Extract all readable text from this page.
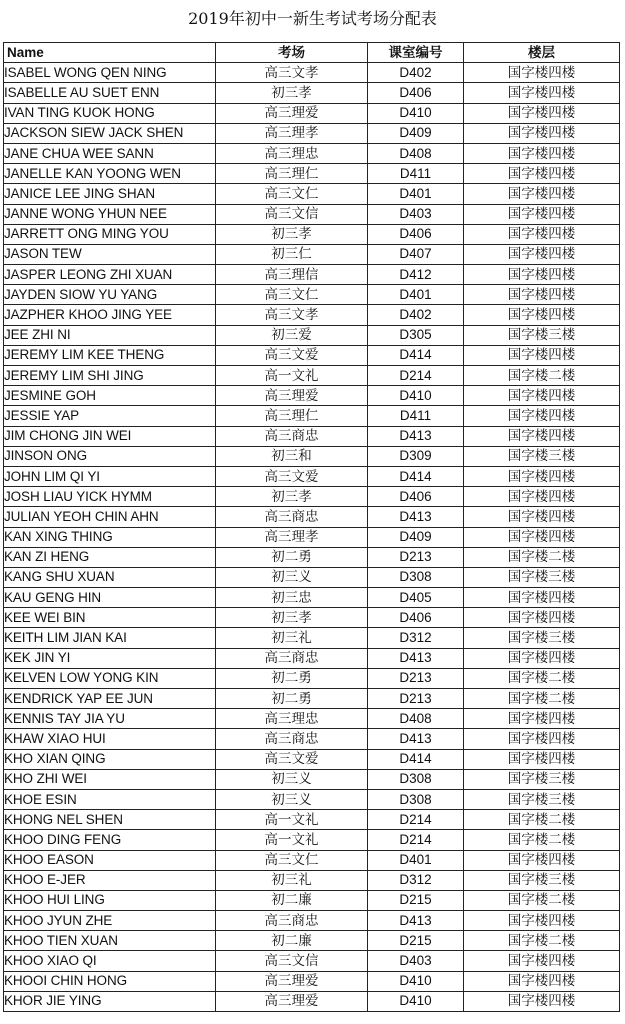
2019年初中一新生考试考场分配表
Name	考场	课室编号	楼层
ISABEL WONG QEN NING	高三文孝	D402	国字楼四楼
ISABELLE AU SUET ENN	初三孝	D406	国字楼四楼
IVAN TING KUOK HONG	高三理爱	D410	国字楼四楼
JACKSON SIEW JACK SHEN	高三理孝	D409	国字楼四楼
JANE CHUA WEE SANN	高三理忠	D408	国字楼四楼
JANELLE KAN YOONG WEN	高三理仁	D411	国字楼四楼
JANICE LEE JING SHAN	高三文仁	D401	国字楼四楼
JANNE WONG YHUN NEE	高三文信	D403	国字楼四楼
JARRETT ONG MING YOU	初三孝	D406	国字楼四楼
JASON TEW	初三仁	D407	国字楼四楼
JASPER LEONG ZHI XUAN	高三理信	D412	国字楼四楼
JAYDEN SIOW YU YANG	高三文仁	D401	国字楼四楼
JAZPHER KHOO JING YEE	高三文孝	D402	国字楼四楼
JEE ZHI NI	初三爱	D305	国字楼三楼
JEREMY LIM KEE THENG	高三文爱	D414	国字楼四楼
JEREMY LIM SHI JING	高一文礼	D214	国字楼二楼
JESMINE GOH	高三理爱	D410	国字楼四楼
JESSIE YAP	高三理仁	D411	国字楼四楼
JIM CHONG JIN WEI	高三商忠	D413	国字楼四楼
JINSON ONG	初三和	D309	国字楼三楼
JOHN LIM QI YI	高三文爱	D414	国字楼四楼
JOSH LIAU YICK HYMM	初三孝	D406	国字楼四楼
JULIAN YEOH CHIN AHN	高三商忠	D413	国字楼四楼
KAN XING THING	高三理孝	D409	国字楼四楼
KAN ZI HENG	初二勇	D213	国字楼二楼
KANG SHU XUAN	初三义	D308	国字楼三楼
KAU GENG HIN	初三忠	D405	国字楼四楼
KEE WEI BIN	初三孝	D406	国字楼四楼
KEITH LIM JIAN KAI	初三礼	D312	国字楼三楼
KEK JIN YI	高三商忠	D413	国字楼四楼
KELVEN LOW YONG KIN	初二勇	D213	国字楼二楼
KENDRICK YAP EE JUN	初二勇	D213	国字楼二楼
KENNIS TAY JIA YU	高三理忠	D408	国字楼四楼
KHAW XIAO HUI	高三商忠	D413	国字楼四楼
KHO XIAN QING	高三文爱	D414	国字楼四楼
KHO ZHI WEI	初三义	D308	国字楼三楼
KHOE ESIN	初三义	D308	国字楼三楼
KHONG NEL SHEN	高一文礼	D214	国字楼二楼
KHOO DING FENG	高一文礼	D214	国字楼二楼
KHOO EASON	高三文仁	D401	国字楼四楼
KHOO E-JER	初三礼	D312	国字楼三楼
KHOO HUI LING	初二廉	D215	国字楼二楼
KHOO JYUN ZHE	高三商忠	D413	国字楼四楼
KHOO TIEN XUAN	初二廉	D215	国字楼二楼
KHOO XIAO QI	高三文信	D403	国字楼四楼
KHOOI CHIN HONG	高三理爱	D410	国字楼四楼
KHOR JIE YING	高三理爱	D410	国字楼四楼
